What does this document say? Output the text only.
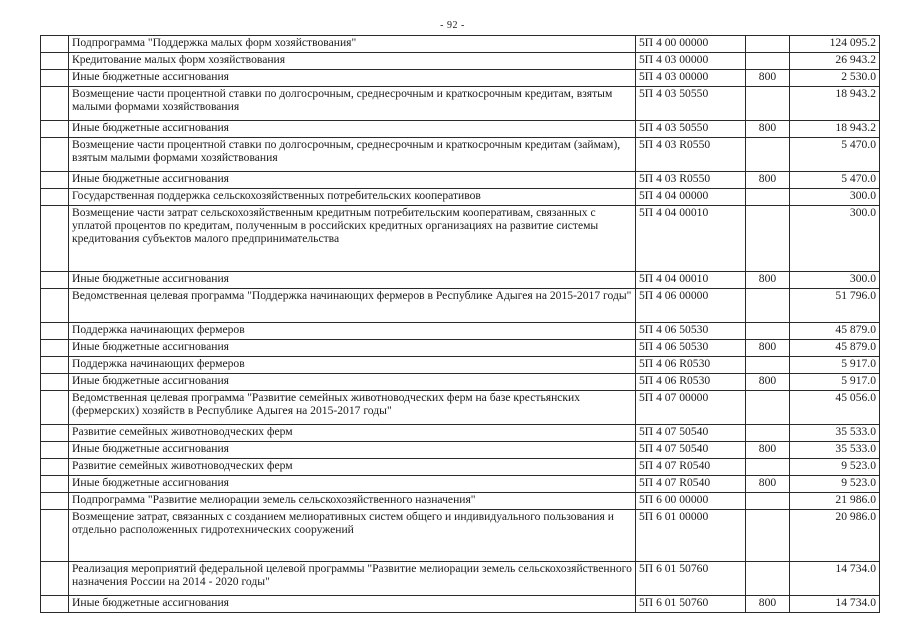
- 92 -
	Подпрограмма "Поддержка малых форм хозяйствования"	5П 4 00 00000		124 095.2
	Кредитование малых форм хозяйствования	5П 4 03 00000		26 943.2
	Иные бюджетные ассигнования	5П 4 03 00000	800	2 530.0
	Возмещение части процентной ставки по долгосрочным, среднесрочным и краткосрочным кредитам, взятым малыми формами хозяйствования	5П 4 03 50550		18 943.2
	Иные бюджетные ассигнования	5П 4 03 50550	800	18 943.2
	Возмещение части процентной ставки по долгосрочным, среднесрочным и краткосрочным кредитам (займам), взятым малыми формами хозяйствования	5П 4 03 R0550		5 470.0
	Иные бюджетные ассигнования	5П 4 03 R0550	800	5 470.0
	Государственная поддержка сельскохозяйственных потребительских кооперативов	5П 4 04 00000		300.0
	Возмещение части затрат сельскохозяйственным кредитным потребительским кооперативам, связанных с уплатой процентов по кредитам, полученным в российских кредитных организациях на развитие системы кредитования субъектов малого предпринимательства	5П 4 04 00010		300.0
	Иные бюджетные ассигнования	5П 4 04 00010	800	300.0
	Ведомственная целевая программа "Поддержка начинающих фермеров в Республике Адыгея на 2015-2017 годы"	5П 4 06 00000		51 796.0
	Поддержка начинающих фермеров	5П 4 06 50530		45 879.0
	Иные бюджетные ассигнования	5П 4 06 50530	800	45 879.0
	Поддержка начинающих фермеров	5П 4 06 R0530		5 917.0
	Иные бюджетные ассигнования	5П 4 06 R0530	800	5 917.0
	Ведомственная целевая программа "Развитие семейных животноводческих ферм на базе крестьянских (фермерских) хозяйств в Республике Адыгея на 2015-2017 годы"	5П 4 07 00000		45 056.0
	Развитие семейных животноводческих ферм	5П 4 07 50540		35 533.0
	Иные бюджетные ассигнования	5П 4 07 50540	800	35 533.0
	Развитие семейных животноводческих ферм	5П 4 07 R0540		9 523.0
	Иные бюджетные ассигнования	5П 4 07 R0540	800	9 523.0
	Подпрограмма "Развитие мелиорации земель сельскохозяйственного назначения"	5П 6 00 00000		21 986.0
	Возмещение затрат, связанных с созданием мелиоративных систем общего и индивидуального пользования и отдельно расположенных гидротехнических сооружений	5П 6 01 00000		20 986.0
	Реализация мероприятий федеральной целевой программы "Развитие мелиорации земель сельскохозяйственного назначения России на 2014 - 2020 годы"	5П 6 01 50760		14 734.0
	Иные бюджетные ассигнования	5П 6 01 50760	800	14 734.0
